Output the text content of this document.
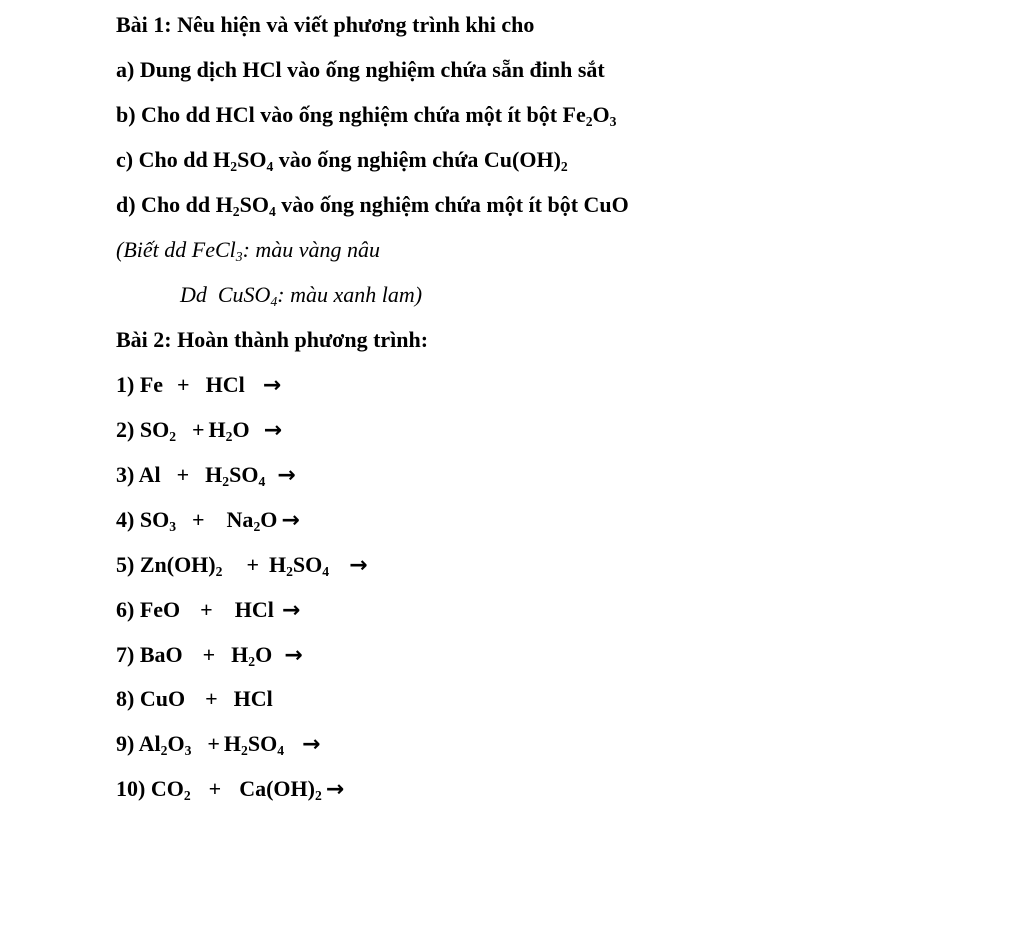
Bài 1: Nêu hiện và viết phương trình khi cho
a) Dung dịch HCl vào ống nghiệm chứa sẵn đinh sắt
b) Cho dd HCl vào ống nghiệm chứa một ít bột $Fe_2O_3$
c) Cho dd $H_2SO_4$ vào ống nghiệm chứa $Cu(OH)_2$
d) Cho dd $H_2SO_4$ vào ống nghiệm chứa một ít bột CuO
(Biết dd FeCl$_3$: màu vàng nâu
Dd  CuSO$_4$: màu xanh lam)
Bài 2: Hoàn thành phương trình:
1) Fe + HCl →
2) $SO_2 + H_2O$ →
3) $Al + H_2SO_4$ →
4) $SO_3 + Na_2O$ →
5) $Zn(OH)_2 + H_2SO_4$ →
6) FeO + HCl →
7) BaO + $H_2O$ →
8) CuO + HCl
9) $Al_2O_3 + H_2SO_4$ →
10) $CO_2 + Ca(OH)_2$ →
